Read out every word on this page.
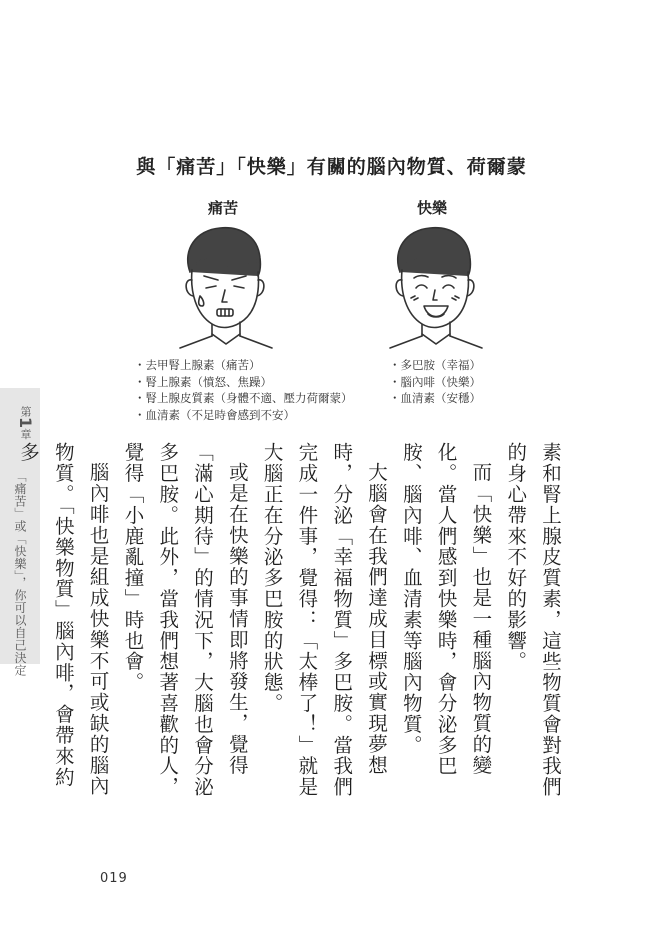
與「痛苦」「快樂」有關的腦內物質、荷爾蒙
痛苦	快樂
・去甲腎上腺素（痛苦）
・腎上腺素（憤怒、焦躁）
・腎上腺皮質素（身體不適、壓力荷爾蒙）
・血清素（不足時會感到不安）
・多巴胺（幸福）
・腦內啡（快樂）
・血清素（安穩）
第1章
「痛苦」或「快樂」，你可以自己決定	素和腎上腺皮質素，這些物質會對我們的身心帶來不好的影響。

而「快樂」也是一種腦內物質的變化。當人們感到快樂時，會分泌多巴胺、腦內啡、血清素等腦內物質。

大腦會在我們達成目標或實現夢想時，分泌「幸福物質」多巴胺。當我們完成一件事，覺得：「太棒了！」就是大腦正在分泌多巴胺的狀態。

或是在快樂的事情即將發生，覺得「滿心期待」的情況下，大腦也會分泌多巴胺。此外，當我們想著喜歡的人，覺得「小鹿亂撞」時也會。

腦內啡也是組成快樂不可或缺的腦內物質。「快樂物質」腦內啡，會帶來約多

019
